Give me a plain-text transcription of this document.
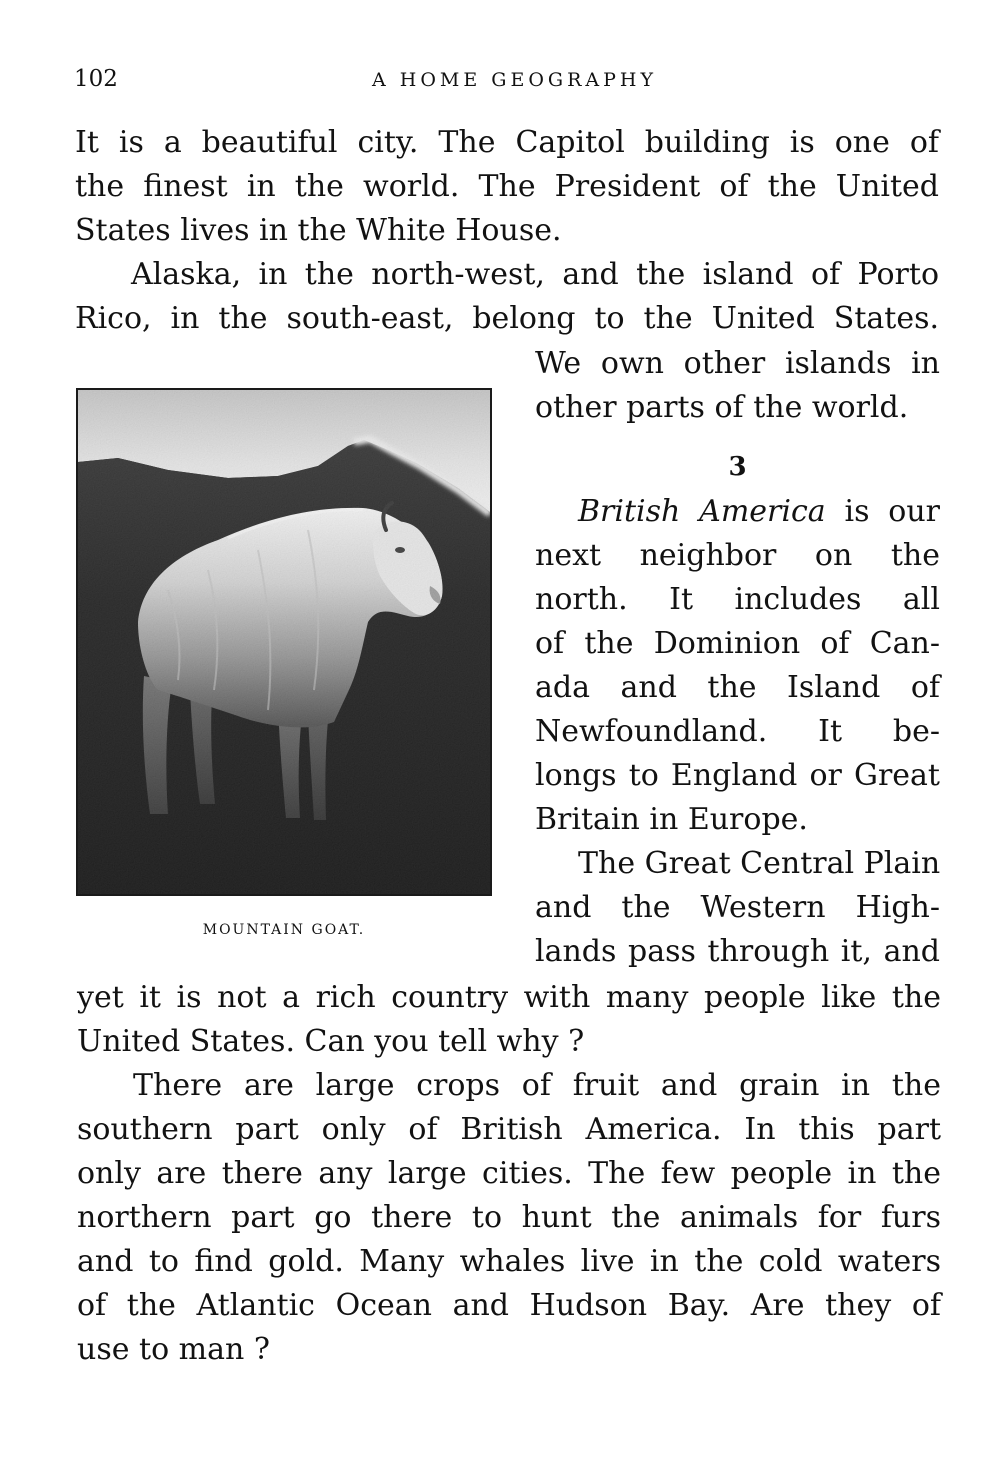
102	A HOME GEOGRAPHY
It is a beautiful city. The Capitol building is one of
the finest in the world. The President of the United
States lives in the White House.
Alaska, in the north-west, and the island of Porto
Rico, in the south-east, belong to the United States.
We own other islands in
other parts of the world.
3
British America is our
next neighbor on the
north. It includes all
of the Dominion of Can-
ada and the Island of
Newfoundland. It be-
longs to England or Great
Britain in Europe.
The Great Central Plain
and the Western High-
lands pass through it, and
MOUNTAIN GOAT.
yet it is not a rich country with many people like the
United States. Can you tell why ?
There are large crops of fruit and grain in the
southern part only of British America. In this part
only are there any large cities. The few people in the
northern part go there to hunt the animals for furs
and to find gold. Many whales live in the cold waters
of the Atlantic Ocean and Hudson Bay. Are they of
use to man ?
